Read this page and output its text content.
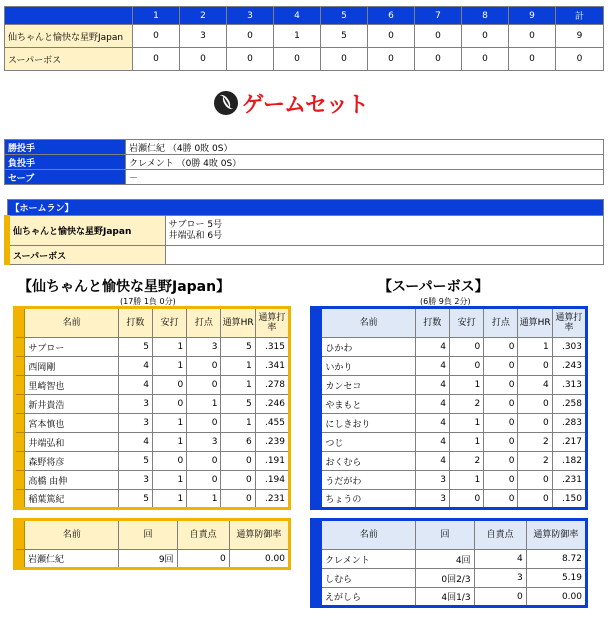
	1	2	3	4	5	6	7	8	9	計
仙ちゃんと愉快な星野Japan	0	3	0	1	5	0	0	0	0	9
スーパーボス	0	0	0	0	0	0	0	0	0	0
ゲームセット
勝投手	岩瀬仁紀 （4勝 0敗 0S）
負投手	クレメント （0勝 4敗 0S）
セーブ	－
【ホームラン】	
仙ちゃんと愉快な星野Japan	サブロー 5号
井端弘和 6号

スーパーボス	
【仙ちゃんと愉快な星野Japan】
(17勝 1負 0分)
【スーパーボス】
(6勝 9負 2分)
	名前	打数	安打	打点	通算HR	通算打率
	サブロー	5	1	3	5	.315
	西岡剛	4	1	0	1	.341
	里崎智也	4	0	0	1	.278
	新井貴浩	3	0	1	5	.246
	宮本慎也	3	1	0	1	.455
	井端弘和	4	1	3	6	.239
	森野将彦	5	0	0	0	.191
	高橋 由伸	3	1	0	0	.194
	稲葉篤紀	5	1	1	0	.231
	名前	打数	安打	打点	通算HR	通算打率
	ひかわ	4	0	0	1	.303
	いかり	4	0	0	0	.243
	カンセコ	4	1	0	4	.313
	やまもと	4	2	0	0	.258
	にしきおり	4	1	0	0	.283
	つじ	4	1	0	2	.217
	おくむら	4	2	0	2	.182
	うだがわ	3	1	0	0	.231
	ちょうの	3	0	0	0	.150
	名前	回	自責点	通算防御率
	岩瀬仁紀	9回	0	0.00
	名前	回	自責点	通算防御率
	クレメント	4回	4	8.72
	しむら	0回2/3	3	5.19
	えがしら	4回1/3	0	0.00
